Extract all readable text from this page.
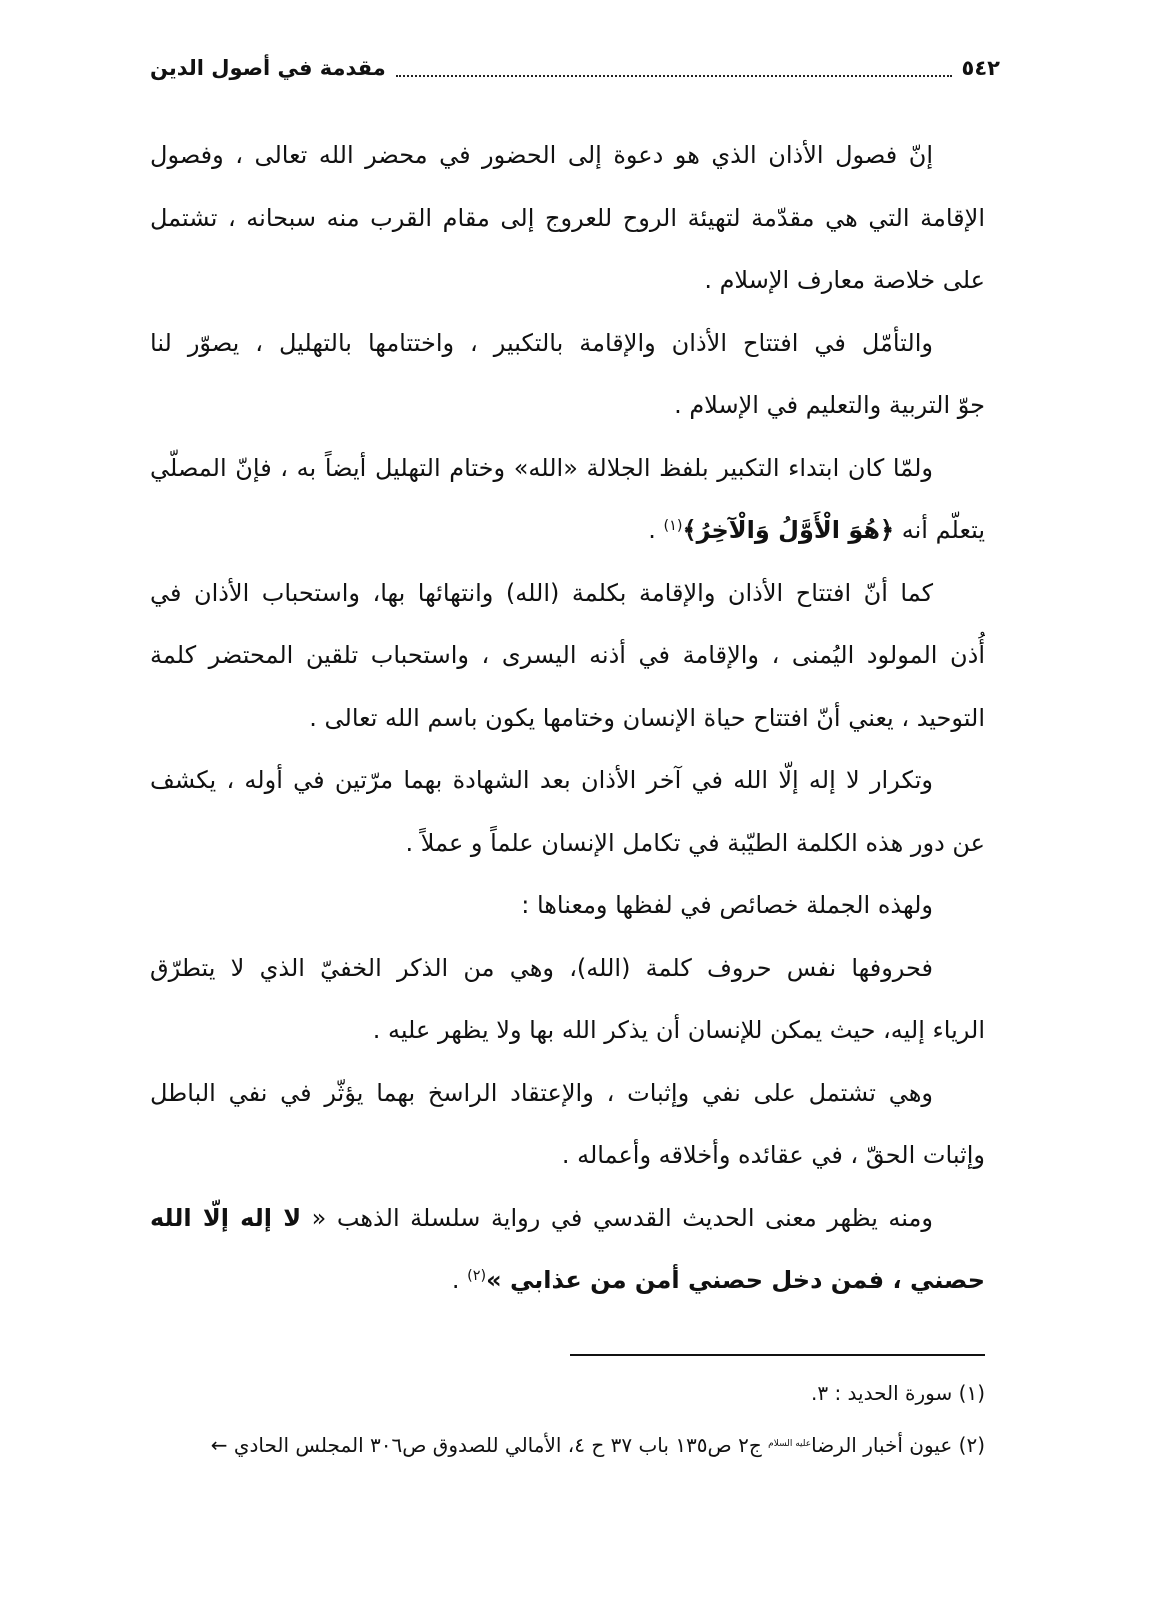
٥٤٢
مقدمة في أصول الدين
إنّ فصول الأذان الذي هو دعوة إلى الحضور في محضر الله تعالى ، وفصول
الإقامة التي هي مقدّمة لتهيئة الروح للعروج إلى مقام القرب منه سبحانه ، تشتمل
على خلاصة معارف الإسلام .
والتأمّل في افتتاح الأذان والإقامة بالتكبير ، واختتامها بالتهليل ، يصوّر لنا
جوّ التربية والتعليم في الإسلام .
ولمّا كان ابتداء التكبير بلفظ الجلالة «الله» وختام التهليل أيضاً به ، فإنّ المصلّي
يتعلّم أنه ﴿هُوَ الْأَوَّلُ وَالْآخِرُ﴾$^{(١)}$ .
كما أنّ افتتاح الأذان والإقامة بكلمة (الله) وانتهائها بها، واستحباب الأذان في
أُذن المولود اليُمنى ، والإقامة في أذنه اليسرى ، واستحباب تلقين المحتضر كلمة
التوحيد ، يعني أنّ افتتاح حياة الإنسان وختامها يكون باسم الله تعالى .
وتكرار لا إله إلّا الله في آخر الأذان بعد الشهادة بهما مرّتين في أوله ، يكشف
عن دور هذه الكلمة الطيّبة في تكامل الإنسان علماً و عملاً .
ولهذه الجملة خصائص في لفظها ومعناها :
فحروفها نفس حروف كلمة (الله)، وهي من الذكر الخفيّ الذي لا يتطرّق
الرياء إليه، حيث يمكن للإنسان أن يذكر الله بها ولا يظهر عليه .
وهي تشتمل على نفي وإثبات ، والإعتقاد الراسخ بهما يؤثّر في نفي الباطل
وإثبات الحقّ ، في عقائده وأخلاقه وأعماله .
ومنه يظهر معنى الحديث القدسي في رواية سلسلة الذهب « لا إله إلّا الله
حصني ، فمن دخل حصني أمن من عذابي »$^{(٢)}$ .
(١) سورة الحديد : ٣.
(٢) عيون أخبار الرضا$^{عليه السلام}$ ج٢ ص١٣٥ باب ٣٧ ح ٤، الأمالي للصدوق ص٣٠٦ المجلس الحادي ←
